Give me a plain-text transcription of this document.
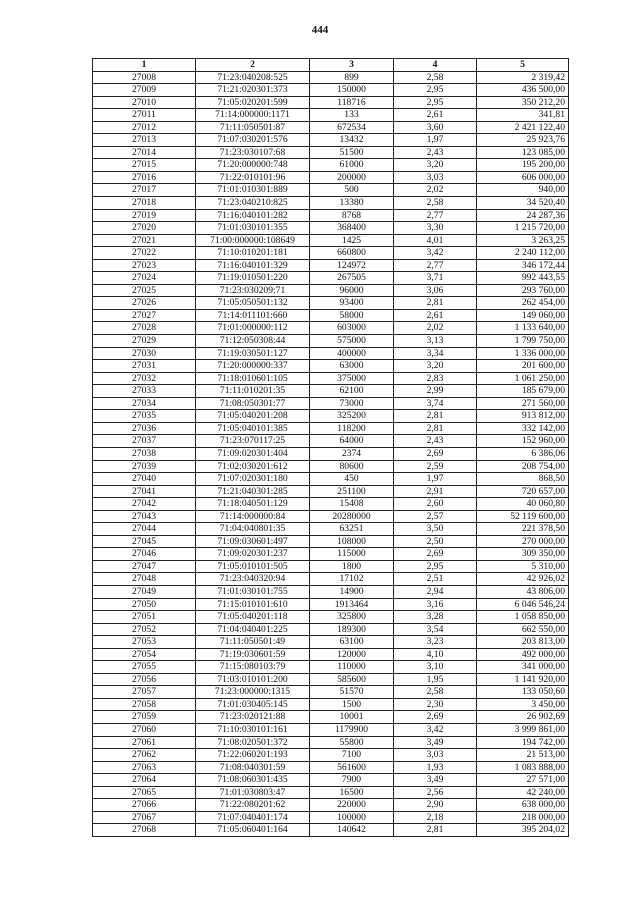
444
1	2	3	4	5
27008	71:23:040208:525	899	2,58	2 319,42
27009	71:21:020301:373	150000	2,95	436 500,00
27010	71:05:020201:599	118716	2,95	350 212,20
27011	71:14:000000:1171	133	2,61	341,81
27012	71:11:050501:87	672534	3,60	2 421 122,40
27013	71:07:030201:576	13432	1,97	25 923,76
27014	71:23:030107:68	51500	2,43	123 085,00
27015	71:20:000000:748	61000	3,20	195 200,00
27016	71:22:010101:96	200000	3,03	606 000,00
27017	71:01:010301:889	500	2,02	940,00
27018	71:23:040210:825	13380	2,58	34 520,40
27019	71:16:040101:282	8768	2,77	24 287,36
27020	71:01:030101:355	368400	3,30	1 215 720,00
27021	71:00:000000:108649	1425	4,01	3 263,25
27022	71:10:010201:181	660800	3,42	2 240 112,00
27023	71:16:040101:329	124972	2,77	346 172,44
27024	71:19:010501:220	267505	3,71	992 443,55
27025	71:23:030209:71	96000	3,06	293 760,00
27026	71:05:050501:132	93400	2,81	262 454,00
27027	71:14:011101:660	58000	2,61	149 060,00
27028	71:01:000000:112	603000	2,02	1 133 640,00
27029	71:12:050308:44	575000	3,13	1 799 750,00
27030	71:19:030501:127	400000	3,34	1 336 000,00
27031	71:20:000000:337	63000	3,20	201 600,00
27032	71:18:010601:105	375000	2,83	1 061 250,00
27033	71:11:010201:35	62100	2,99	185 679,00
27034	71:08:050301:77	73000	3,74	271 560,00
27035	71:05:040201:208	325200	2,81	913 812,00
27036	71:05:040101:385	118200	2,81	332 142,00
27037	71:23:070117:25	64000	2,43	152 960,00
27038	71:09:020301:404	2374	2,69	6 386,06
27039	71:02:030201:612	80600	2,59	208 754,00
27040	71:07:020301:180	450	1,97	868,50
27041	71:21:040301:285	251100	2,91	720 657,00
27042	71:18:040501:129	15408	2,60	40 060,80
27043	71:14:000000:84	20280000	2,57	52 119 600,00
27044	71:04:040801:35	63251	3,50	221 378,50
27045	71:09:030601:497	108000	2,50	270 000,00
27046	71:09:020301:237	115000	2,69	309 350,00
27047	71:05:010101:505	1800	2,95	5 310,00
27048	71:23:040320:94	17102	2,51	42 926,02
27049	71:01:030101:755	14900	2,94	43 806,00
27050	71:15:010101:610	1913464	3,16	6 046 546,24
27051	71:05:040201:118	325800	3,28	1 058 850,00
27052	71:04:040401:225	189300	3,54	662 550,00
27053	71:11:050501:49	63100	3,23	203 813,00
27054	71:19:030601:59	120000	4,10	492 000,00
27055	71:15:080103:79	110000	3,10	341 000,00
27056	71:03:010101:200	585600	1,95	1 141 920,00
27057	71:23:000000:1315	51570	2,58	133 050,60
27058	71:01:030405:145	1500	2,30	3 450,00
27059	71:23:020121:88	10001	2,69	26 902,69
27060	71:10:030101:161	1179900	3,42	3 999 861,00
27061	71:08:020501:372	55800	3,49	194 742,00
27062	71:22:060201:193	7100	3,03	21 513,00
27063	71:08:040301:59	561600	1,93	1 083 888,00
27064	71:08:060301:435	7900	3,49	27 571,00
27065	71:01:030803:47	16500	2,56	42 240,00
27066	71:22:080201:62	220000	2,90	638 000,00
27067	71:07:040401:174	100000	2,18	218 000,00
27068	71:05:060401:164	140642	2,81	395 204,02
